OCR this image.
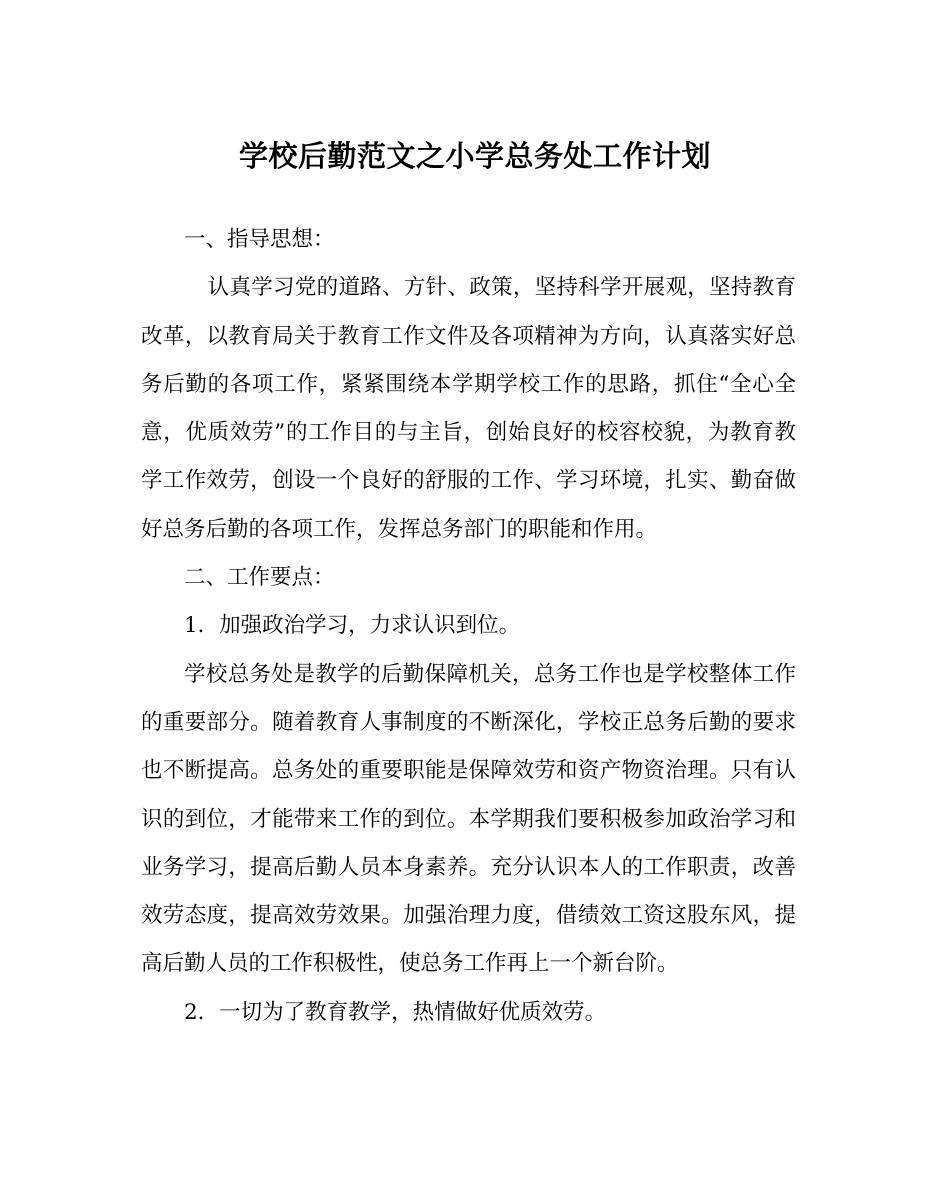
学校后勤范文之小学总务处工作计划

一、指导思想：

认真学习党的道路、方针、政策，坚持科学开展观，坚持教育改革，以教育局关于教育工作文件及各项精神为方向，认真落实好总务后勤的各项工作，紧紧围绕本学期学校工作的思路，抓住“全心全意，优质效劳”的工作目的与主旨，创始良好的校容校貌，为教育教学工作效劳，创设一个良好的舒服的工作、学习环境，扎实、勤奋做好总务后勤的各项工作，发挥总务部门的职能和作用。

二、工作要点：

1．加强政治学习，力求认识到位。

学校总务处是教学的后勤保障机关，总务工作也是学校整体工作的重要部分。随着教育人事制度的不断深化，学校正总务后勤的要求也不断提高。总务处的重要职能是保障效劳和资产物资治理。只有认识的到位，才能带来工作的到位。本学期我们要积极参加政治学习和业务学习，提高后勤人员本身素养。充分认识本人的工作职责，改善效劳态度，提高效劳效果。加强治理力度，借绩效工资这股东风，提高后勤人员的工作积极性，使总务工作再上一个新台阶。

2．一切为了教育教学，热情做好优质效劳。
